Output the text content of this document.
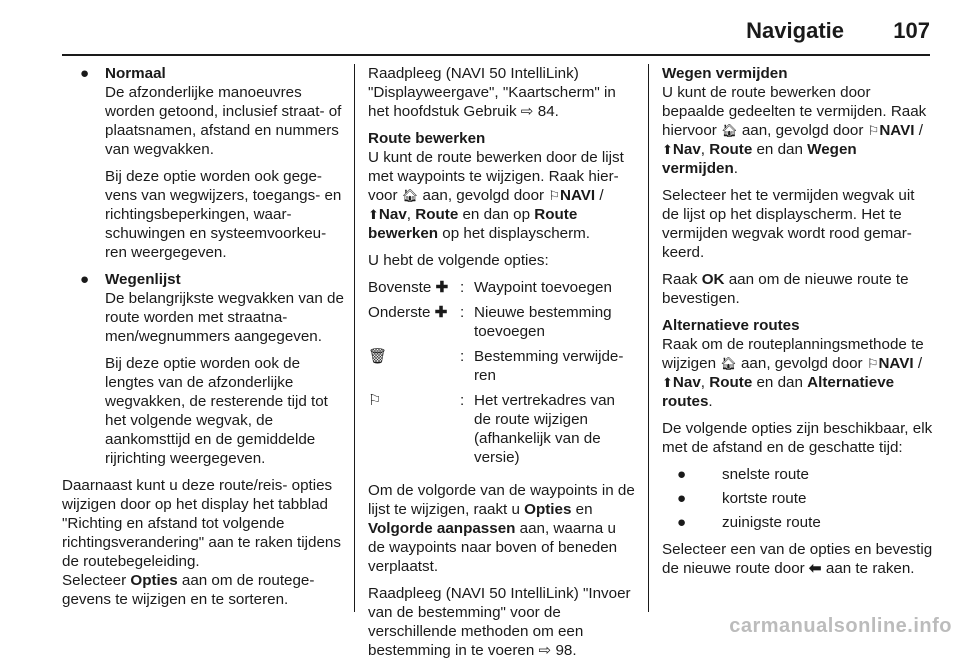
Navigatie 107
● Normaal

De afzonderlijke manoeuvres worden getoond, inclusief straat- of plaatsnamen, afstand en nummers van wegvakken.

Bij deze optie worden ook gege- vens van wegwijzers, toegangs- en richtingsbeperkingen, waar- schuwingen en systeemvoorkeu- ren weergegeven.

● Wegenlijst

De belangrijkste wegvakken van de route worden met straatna- men/wegnummers aangegeven.

Bij deze optie worden ook de lengtes van de afzonderlijke wegvakken, de resterende tijd tot het volgende wegvak, de aankomsttijd en de gemiddelde rijrichting weergegeven.

Daarnaast kunt u deze route/reis- opties wijzigen door op het display het tabblad "Richting en afstand tot volgende richtingsverandering" aan te raken tijdens de routebegeleiding.

Selecteer Opties aan om de routege- gevens te wijzigen en te sorteren.

Raadpleeg (NAVI 50 IntelliLink) "Displayweergave", "Kaartscherm" in het hoofdstuk Gebruik ⇨ 84.

Route bewerken

U kunt de route bewerken door de lijst met waypoints te wijzigen. Raak hier- voor 🏠︎ aan, gevolgd door ⚐NAVI / ⬆Nav, Route en dan op Route bewerken op het displayscherm.

U hebt de volgende opties:

Bovenste ✚ : Waypoint toevoegen
Onderste ✚ : Nieuwe bestemming toevoegen
🗑︎	: Bestemming verwijde- ren
⚐	: Het vertrekadres van de route wijzigen (afhankelijk van de versie)

Om de volgorde van de waypoints in de lijst te wijzigen, raakt u Opties en Volgorde aanpassen aan, waarna u de waypoints naar boven of beneden verplaatst.

Raadpleeg (NAVI 50 IntelliLink) "Invoer van de bestemming" voor de verschillende methoden om een bestemming in te voeren ⇨ 98.

Wegen vermijden

U kunt de route bewerken door bepaalde gedeelten te vermijden. Raak hiervoor 🏠︎ aan, gevolgd door ⚐NAVI / ⬆Nav, Route en dan Wegen vermijden.

Selecteer het te vermijden wegvak uit de lijst op het displayscherm. Het te vermijden wegvak wordt rood gemar- keerd.

Raak OK aan om de nieuwe route te bevestigen.

Alternatieve routes

Raak om de routeplanningsmethode te wijzigen 🏠︎ aan, gevolgd door ⚐NAVI / ⬆Nav, Route en dan Alternatieve routes.

De volgende opties zijn beschikbaar, elk met de afstand en de geschatte tijd:

● snelste route
● kortste route
● zuinigste route

Selecteer een van de opties en bevestig de nieuwe route door ⬅ aan te raken.

carmanualsonline.info
